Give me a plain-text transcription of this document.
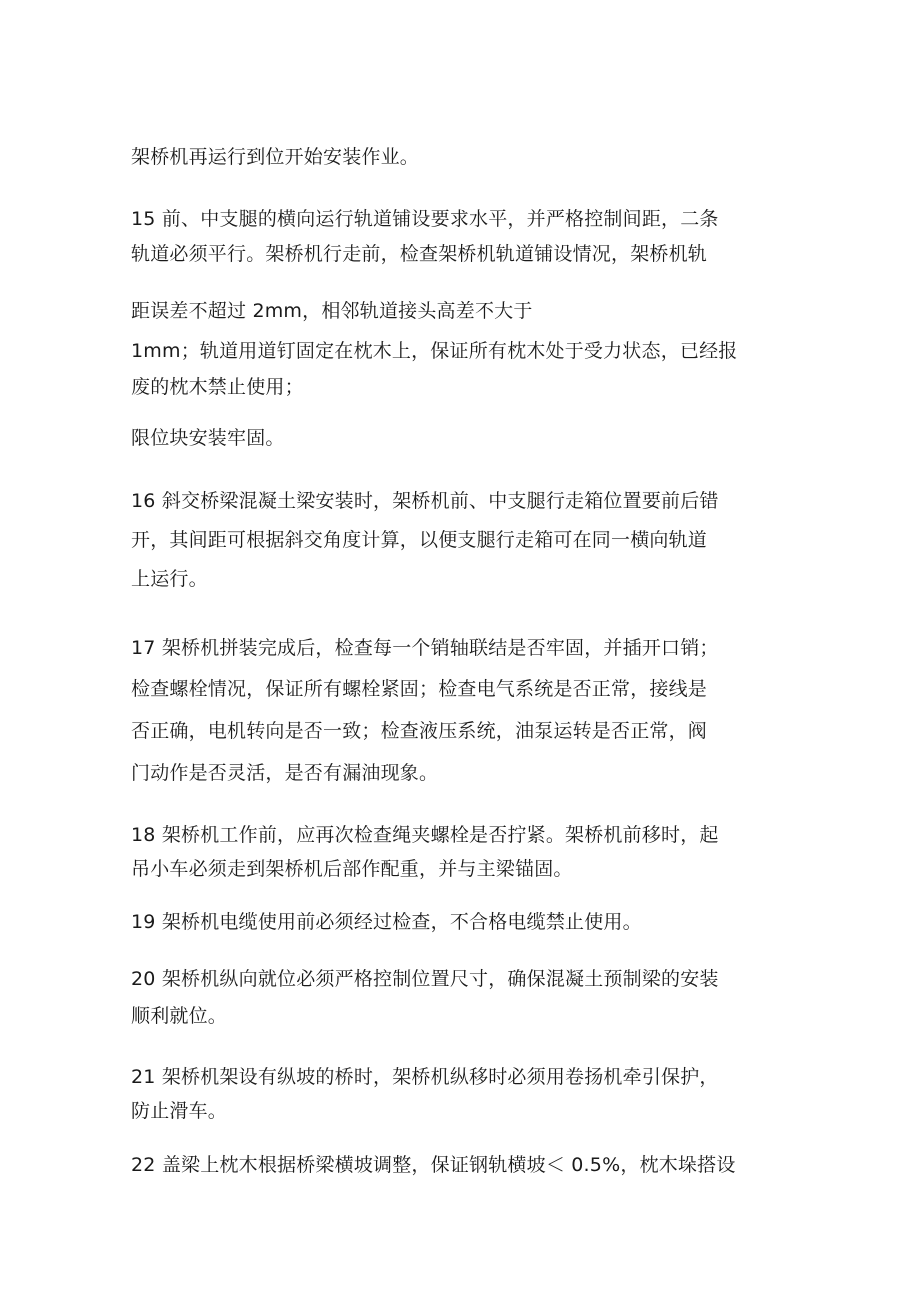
架桥机再运行到位开始安装作业。
15 前、中支腿的横向运行轨道铺设要求水平，并严格控制间距，二条
轨道必须平行。架桥机行走前，检查架桥机轨道铺设情况，架桥机轨
距误差不超过 2mm，相邻轨道接头高差不大于
1mm；轨道用道钉固定在枕木上，保证所有枕木处于受力状态，已经报
废的枕木禁止使用；
限位块安装牢固。
16 斜交桥梁混凝土梁安装时，架桥机前、中支腿行走箱位置要前后错
开，其间距可根据斜交角度计算，以便支腿行走箱可在同一横向轨道
上运行。
17 架桥机拼装完成后，检查每一个销轴联结是否牢固，并插开口销；
检查螺栓情况，保证所有螺栓紧固；检查电气系统是否正常，接线是
否正确，电机转向是否一致；检查液压系统，油泵运转是否正常，阀
门动作是否灵活，是否有漏油现象。
18 架桥机工作前，应再次检查绳夹螺栓是否拧紧。架桥机前移时，起
吊小车必须走到架桥机后部作配重，并与主梁锚固。
19 架桥机电缆使用前必须经过检查，不合格电缆禁止使用。
20 架桥机纵向就位必须严格控制位置尺寸，确保混凝土预制梁的安装
顺利就位。
21 架桥机架设有纵坡的桥时，架桥机纵移时必须用卷扬机牵引保护，
防止滑车。
22 盖梁上枕木根据桥梁横坡调整，保证钢轨横坡＜ 0.5%，枕木垛搭设
